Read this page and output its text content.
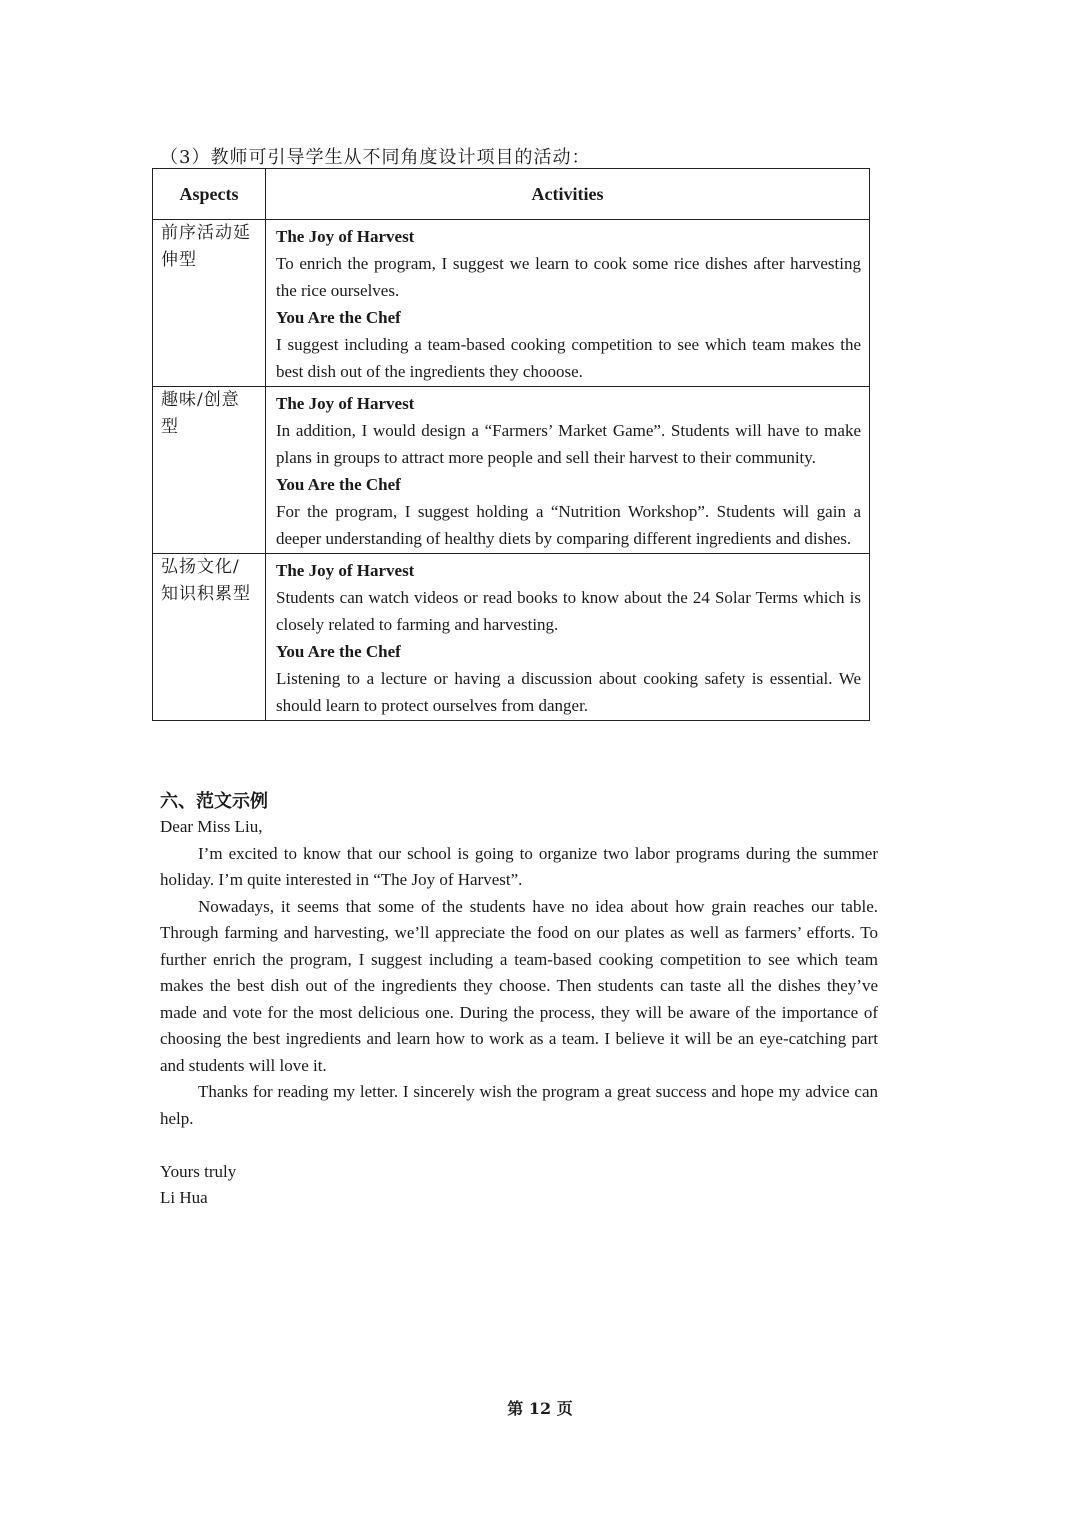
（3）教师可引导学生从不同角度设计项目的活动：
Aspects	Activities
前序活动延伸型	The Joy of Harvest
To enrich the program, I suggest we learn to cook some rice dishes after harvesting the rice ourselves.
You Are the Chef
I suggest including a team-based cooking competition to see which team makes the best dish out of the ingredients they chooose.

趣味/创意型	The Joy of Harvest
In addition, I would design a “Farmers’ Market Game”. Students will have to make plans in groups to attract more people and sell their harvest to their community.
You Are the Chef
For the program, I suggest holding a “Nutrition Workshop”. Students will gain a deeper understanding of healthy diets by comparing different ingredients and dishes.

弘扬文化/知识积累型	The Joy of Harvest
Students can watch videos or read books to know about the 24 Solar Terms which is closely related to farming and harvesting.
You Are the Chef
Listening to a lecture or having a discussion about cooking safety is essential. We should learn to protect ourselves from danger.
六、范文示例

Dear Miss Liu,

I’m excited to know that our school is going to organize two labor programs during the summer holiday. I’m quite interested in “The Joy of Harvest”.

Nowadays, it seems that some of the students have no idea about how grain reaches our table. Through farming and harvesting, we’ll appreciate the food on our plates as well as farmers’ efforts. To further enrich the program, I suggest including a team-based cooking competition to see which team makes the best dish out of the ingredients they choose. Then students can taste all the dishes they’ve made and vote for the most delicious one. During the process, they will be aware of the importance of choosing the best ingredients and learn how to work as a team. I believe it will be an eye-catching part and students will love it.

Thanks for reading my letter. I sincerely wish the program a great success and hope my advice can help.

Yours truly

Li Hua

第 12 页
